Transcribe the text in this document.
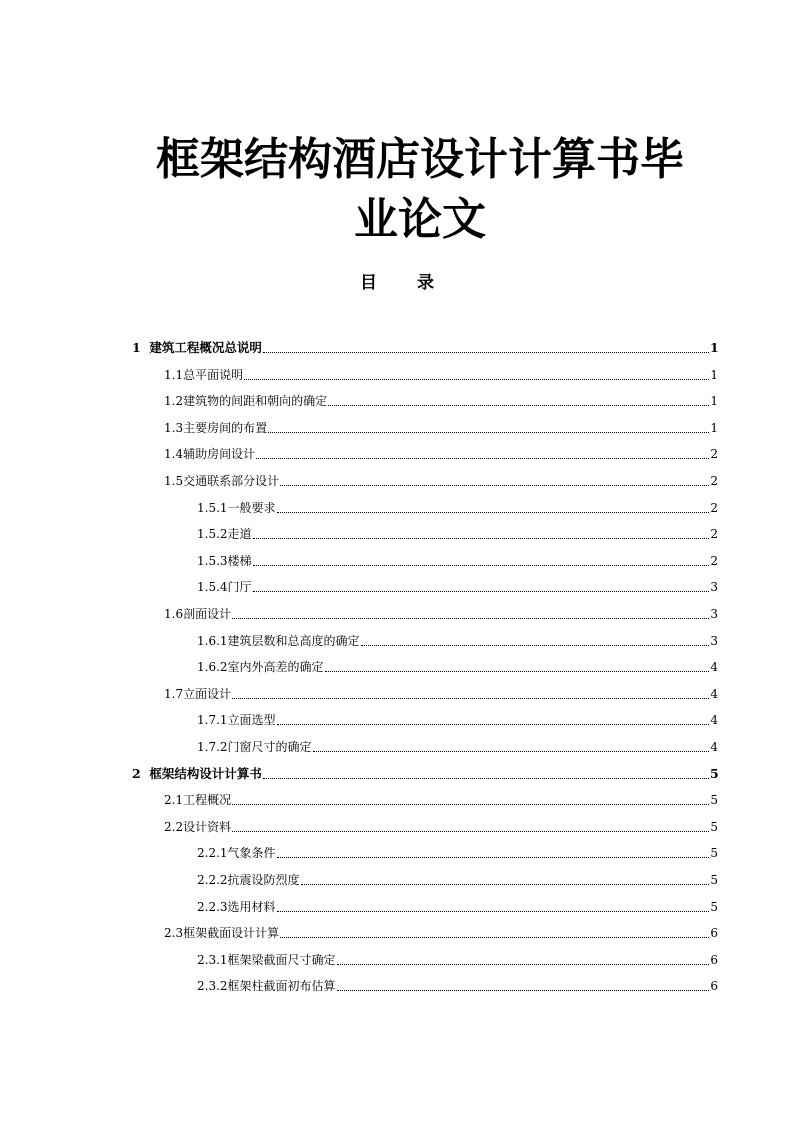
框架结构酒店设计计算书毕
业论文
目录
1 建筑工程概况总说明	1
1.1 总平面说明	1
1.2 建筑物的间距和朝向的确定	1
1.3 主要房间的布置	1
1.4 辅助房间设计	2
1.5 交通联系部分设计	2
1.5.1 一般要求	2
1.5.2 走道	2
1.5.3 楼梯	2
1.5.4 门厅	3
1.6 剖面设计	3
1.6.1 建筑层数和总高度的确定	3
1.6.2 室内外高差的确定	4
1.7 立面设计	4
1.7.1 立面选型	4
1.7.2 门窗尺寸的确定	4
2 框架结构设计计算书	5
2.1 工程概况	5
2.2 设计资料	5
2.2.1 气象条件	5
2.2.2 抗震设防烈度	5
2.2.3 选用材料	5
2.3 框架截面设计计算	6
2.3.1 框架梁截面尺寸确定	6
2.3.2 框架柱截面初布估算	6
